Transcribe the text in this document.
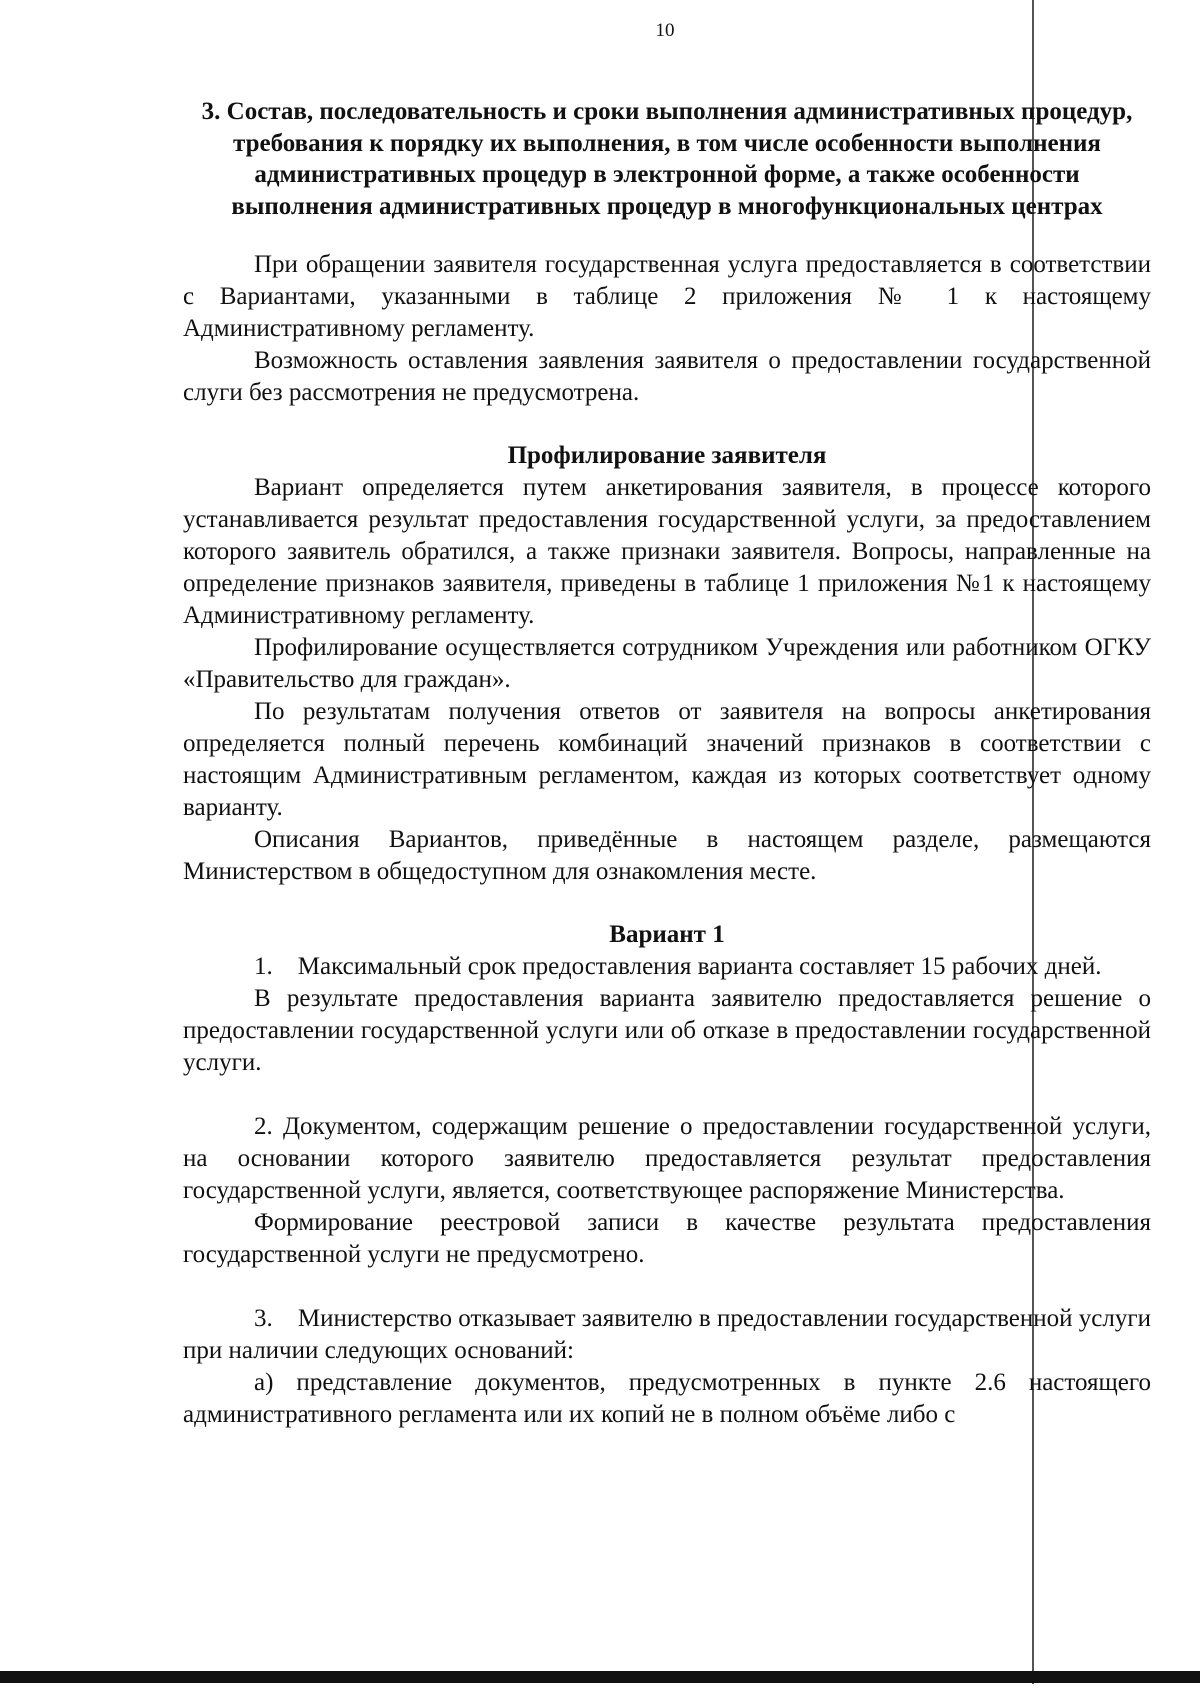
10
3. Состав, последовательность и сроки выполнения административных процедур, требования к порядку их выполнения, в том числе особенности выполнения административных процедур в электронной форме, а также особенности выполнения административных процедур в многофункциональных центрах

При обращении заявителя государственная услуга предоставляется в соответствии с Вариантами, указанными в таблице 2 приложения № 1 к настоящему Административному регламенту.

Возможность оставления заявления заявителя о предоставлении государственной слуги без рассмотрения не предусмотрена.

Профилирование заявителя

Вариант определяется путем анкетирования заявителя, в процессе которого устанавливается результат предоставления государственной услуги, за предоставлением которого заявитель обратился, а также признаки заявителя. Вопросы, направленные на определение признаков заявителя, приведены в таблице 1 приложения №1 к настоящему Административному регламенту.

Профилирование осуществляется сотрудником Учреждения или работником ОГКУ «Правительство для граждан».

По результатам получения ответов от заявителя на вопросы анкетирования определяется полный перечень комбинаций значений признаков в соответствии с настоящим Административным регламентом, каждая из которых соответствует одному варианту.

Описания Вариантов, приведённые в настоящем разделе, размещаются Министерством в общедоступном для ознакомления месте.

Вариант 1

1.    Максимальный срок предоставления варианта составляет 15 рабочих дней.

В результате предоставления варианта заявителю предоставляется решение о предоставлении государственной услуги или об отказе в предоставлении государственной услуги.

2. Документом, содержащим решение о предоставлении государственной услуги, на основании которого заявителю предоставляется результат предоставления государственной услуги, является, соответствующее распоряжение Министерства.

Формирование реестровой записи в качестве результата предоставления государственной услуги не предусмотрено.

3.    Министерство отказывает заявителю в предоставлении государственной услуги при наличии следующих оснований:

а) представление документов, предусмотренных в пункте 2.6 настоящего административного регламента или их копий не в полном объёме либо с
